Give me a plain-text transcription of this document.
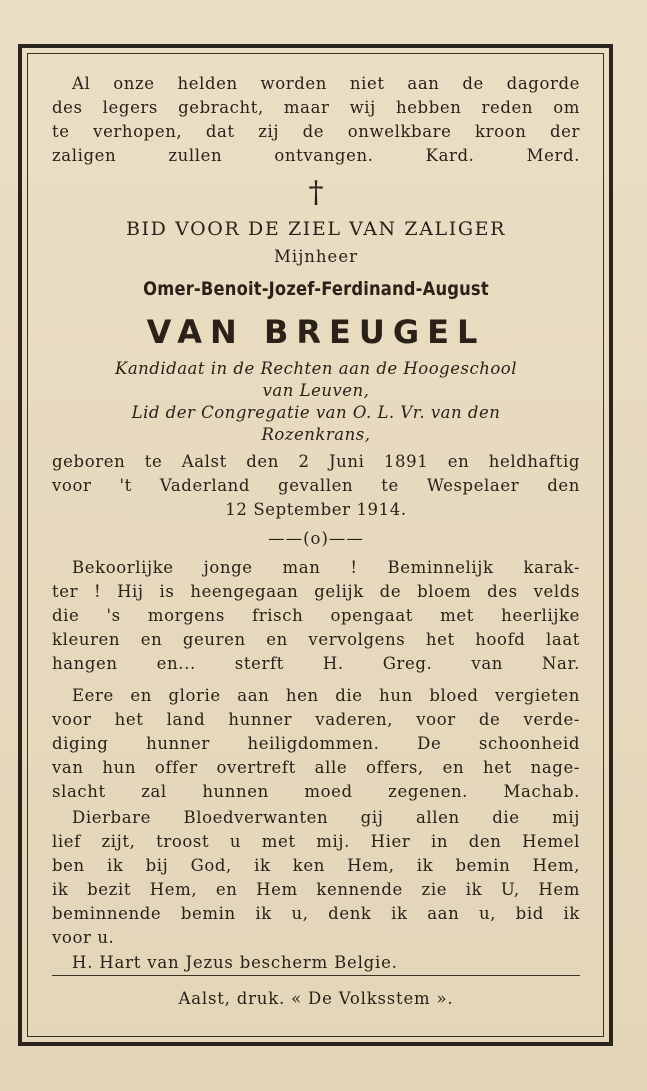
Al onze helden worden niet aan de dagorde

des legers gebracht, maar wij hebben reden om

te verhopen, dat zij de onwelkbare kroon der

zaligen zullen ontvangen. Kard. Merd.

†
BID VOOR DE ZIEL VAN ZALIGER
Mijnheer
Omer-Benoit-Jozef-Ferdinand-August
VAN BREUGEL
Kandidaat in de Rechten aan de Hoogeschool
van Leuven,
Lid der Congregatie van O. L. Vr. van den
Rozenkrans,

geboren te Aalst den 2 Juni 1891 en heldhaftig

voor 't Vaderland gevallen te Wespelaer den

12 September 1914.

——(o)——

Bekoorlijke jonge man ! Beminnelijk karak-

ter ! Hij is heengegaan gelijk de bloem des velds

die 's morgens frisch opengaat met heerlijke

kleuren en geuren en vervolgens het hoofd laat

hangen en... sterft H. Greg. van Nar.

Eere en glorie aan hen die hun bloed vergieten

voor het land hunner vaderen, voor de verde-

diging hunner heiligdommen. De schoonheid

van hun offer overtreft alle offers, en het nage-

slacht zal hunnen moed zegenen. Machab.

Dierbare Bloedverwanten gij allen die mij

lief zijt, troost u met mij. Hier in den Hemel

ben ik bij God, ik ken Hem, ik bemin Hem,

ik bezit Hem, en Hem kennende zie ik U, Hem

beminnende bemin ik u, denk ik aan u, bid ik

voor u.

H. Hart van Jezus bescherm Belgie.

Aalst, druk. « De Volksstem ».
